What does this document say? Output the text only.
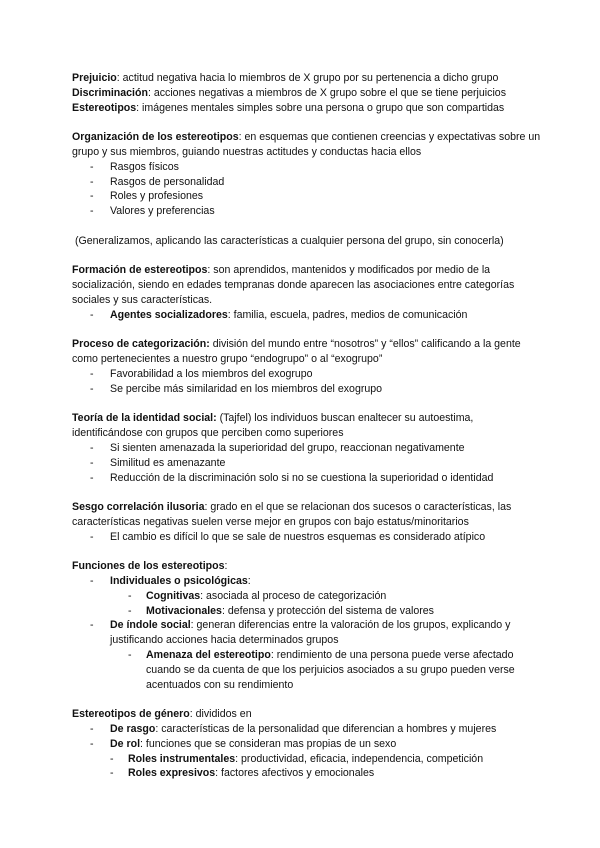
Prejuicio: actitud negativa hacia lo miembros de X grupo por su pertenencia a dicho grupo

Discriminación: acciones negativas a miembros de X grupo sobre el que se tiene perjuicios

Estereotipos: imágenes mentales simples sobre una persona o grupo que son compartidas

Organización de los estereotipos: en esquemas que contienen creencias y expectativas sobre un grupo y sus miembros, guiando nuestras actitudes y conductas hacia ellos

- Rasgos físicos
- Rasgos de personalidad
- Roles y profesiones
- Valores y preferencias

(Generalizamos, aplicando las características a cualquier persona del grupo, sin conocerla)

Formación de estereotipos: son aprendidos, mantenidos y modificados por medio de la socialización, siendo en edades tempranas donde aparecen las asociaciones entre categorías sociales y sus características.

- Agentes socializadores: familia, escuela, padres, medios de comunicación

Proceso de categorización: división del mundo entre “nosotros” y “ellos” calificando a la gente como pertenecientes a nuestro grupo “endogrupo” o al “exogrupo”

- Favorabilidad a los miembros del exogrupo
- Se percibe más similaridad en los miembros del exogrupo

Teoría de la identidad social: (Tajfel) los individuos buscan enaltecer su autoestima, identificándose con grupos que perciben como superiores

- Si sienten amenazada la superioridad del grupo, reaccionan negativamente
- Similitud es amenazante
- Reducción de la discriminación solo si no se cuestiona la superioridad o identidad

Sesgo correlación ilusoria: grado en el que se relacionan dos sucesos o características, las características negativas suelen verse mejor en grupos con bajo estatus/minoritarios

- El cambio es difícil lo que se sale de nuestros esquemas es considerado atípico

Funciones de los estereotipos:

- Individuales o psicológicas:
- Cognitivas: asociada al proceso de categorización
- Motivacionales: defensa y protección del sistema de valores
- De índole social: generan diferencias entre la valoración de los grupos, explicando y justificando acciones hacia determinados grupos
- Amenaza del estereotipo: rendimiento de una persona puede verse afectado cuando se da cuenta de que los perjuicios asociados a su grupo pueden verse acentuados con su rendimiento

Estereotipos de género: divididos en

- De rasgo: características de la personalidad que diferencian a hombres y mujeres
- De rol: funciones que se consideran mas propias de un sexo
- Roles instrumentales: productividad, eficacia, independencia, competición
- Roles expresivos: factores afectivos y emocionales
